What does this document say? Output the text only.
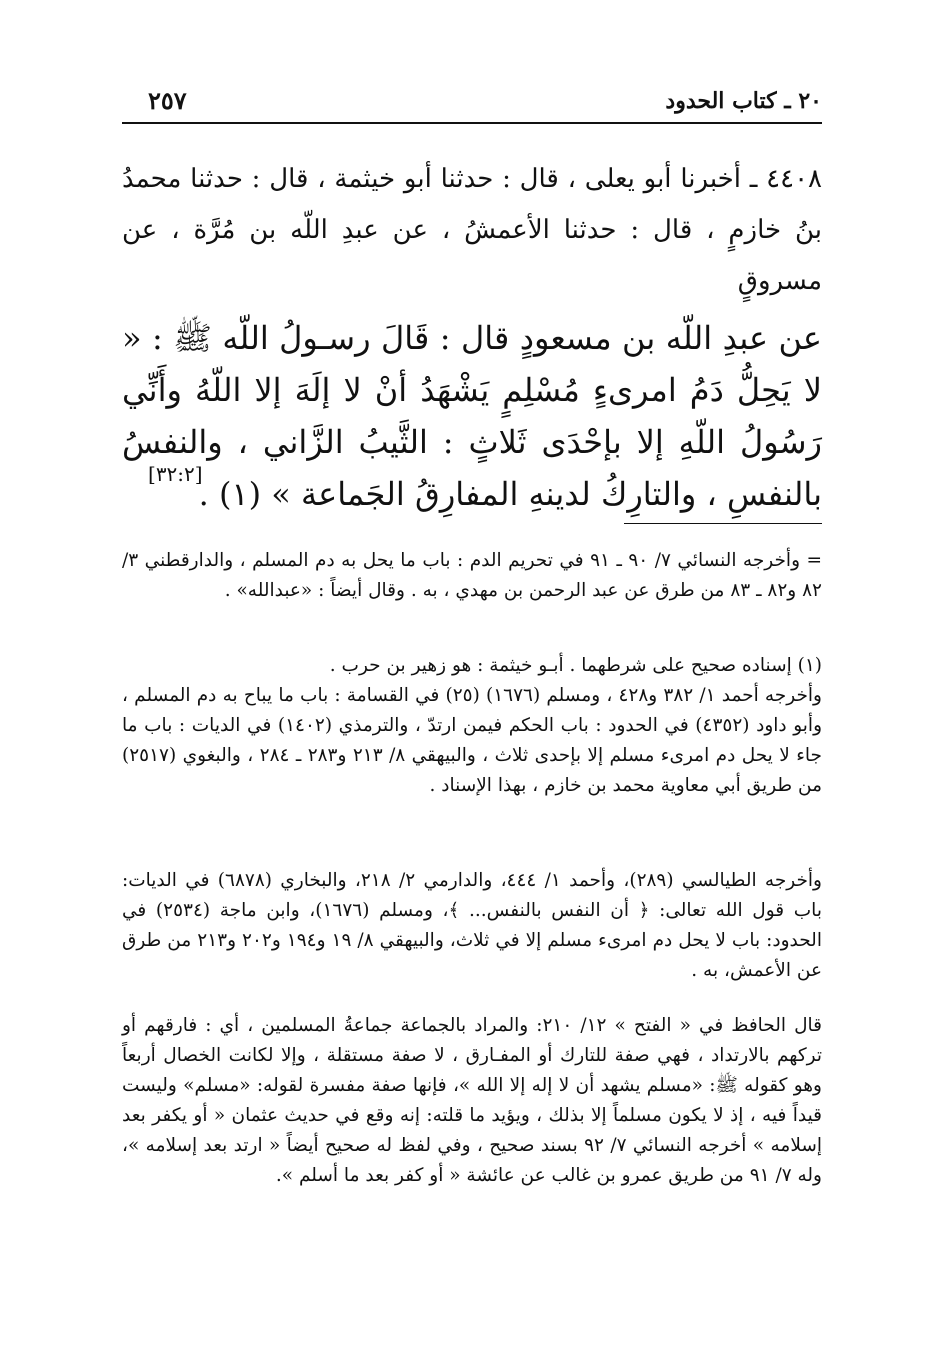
٢٠ ـ كتاب الحدود
٢٥٧

٤٤٠٨ ـ أخبرنا أبو يعلى ، قال : حدثنا أبو خيثمة ، قال : حدثنا محمدُ بنُ خازمٍ ، قال : حدثنا الأعمشُ ، عن عبدِ اللّه بن مُرَّة ، عن مسروقٍ

عن عبدِ اللّه بن مسعودٍ قال : قَالَ رسـولُ اللّه ﷺ : « لا يَحِلُّ دَمُ امرىءٍ مُسْلِمٍ يَشْهَدُ أنْ لا إلَهَ إلا اللّهُ وأَنِّي رَسُولُ اللّهِ إلا بإحْدَى ثَلاثٍ : الثَّيبُ الزَّاني ، والنفسُ بالنفسِ ، والتارِكُ لدينهِ المفارِقُ الجَماعة » (١) .

[٣٢:٢]

= وأخرجه النسائي ٧/ ٩٠ ـ ٩١ في تحريم الدم : باب ما يحل به دم المسلم ، والدارقطني ٣/ ٨٢ و٨٢ ـ ٨٣ من طرق عن عبد الرحمن بن مهدي ، به . وقال أيضاً : «عبدالله» .

(١) إسناده صحيح على شرطهما . أبـو خيثمة : هو زهير بن حرب .

وأخرجه أحمد ١/ ٣٨٢ و٤٢٨ ، ومسلم (١٦٧٦) (٢٥) في القسامة : باب ما يباح به دم المسلم ، وأبو داود (٤٣٥٢) في الحدود : باب الحكم فيمن ارتدّ ، والترمذي (١٤٠٢) في الديات : باب ما جاء لا يحل دم امرىء مسلم إلا بإحدى ثلاث ، والبيهقي ٨/ ٢١٣ و٢٨٣ ـ ٢٨٤ ، والبغوي (٢٥١٧) من طريق أبي معاوية محمد بن خازم ، بهذا الإسناد .

وأخرجه الطيالسي (٢٨٩)، وأحمد ١/ ٤٤٤، والدارمي ٢/ ٢١٨، والبخاري (٦٨٧٨) في الديات: باب قول الله تعالى: ﴿ أن النفس بالنفس... ﴾، ومسلم (١٦٧٦)، وابن ماجة (٢٥٣٤) في الحدود: باب لا يحل دم امرىء مسلم إلا في ثلاث، والبيهقي ٨/ ١٩ و١٩٤ و٢٠٢ و٢١٣ من طرق عن الأعمش، به .

قال الحافظ في « الفتح » ١٢/ ٢١٠: والمراد بالجماعة جماعةُ المسلمين ، أي : فارقهم أو تركهم بالارتداد ، فهي صفة للتارك أو المفـارق ، لا صفة مستقلة ، وإلا لكانت الخصال أربعاً وهو كقوله ﷺ: «مسلم يشهد أن لا إله إلا الله »، فإنها صفة مفسرة لقوله: «مسلم» وليست قيداً فيه ، إذ لا يكون مسلماً إلا بذلك ، ويؤيد ما قلته: إنه وقع في حديث عثمان « أو يكفر بعد إسلامه » أخرجه النسائي ٧/ ٩٢ بسند صحيح ، وفي لفظ له صحيح أيضاً « ارتد بعد إسلامه »، وله ٧/ ٩١ من طريق عمرو بن غالب عن عائشة « أو كفر بعد ما أسلم ».
